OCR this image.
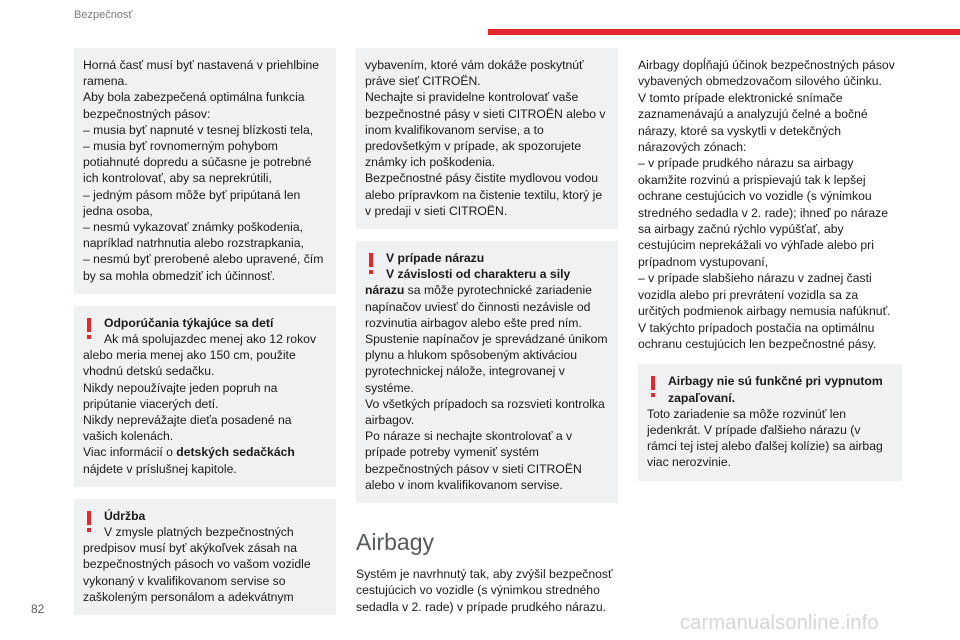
Bezpečnosť

Horná časť musí byť nastavená v priehlbine ramena.
Aby bola zabezpečená optimálna funkcia bezpečnostných pásov:
– musia byť napnuté v tesnej blízkosti tela,
– musia byť rovnomerným pohybom potiahnuté dopredu a súčasne je potrebné ich kontrolovať, aby sa neprekrútili,
– jedným pásom môže byť pripútaná len jedna osoba,
– nesmú vykazovať známky poškodenia, napríklad natrhnutia alebo rozstrapkania,
– nesmú byť prerobené alebo upravené, čím by sa mohla obmedziť ich účinnosť.

Odporúčania týkajúce sa detí
Ak má spolujazdec menej ako 12 rokov
alebo meria menej ako 150 cm, použite vhodnú detskú sedačku.
Nikdy nepoužívajte jeden popruh na pripútanie viacerých detí.
Nikdy neprevážajte dieťa posadené na vašich kolenách.
Viac informácií o detských sedačkách
nájdete v príslušnej kapitole.
Údržba
V zmysle platných bezpečnostných
predpisov musí byť akýkoľvek zásah na bezpečnostných pásoch vo vašom vozidle vykonaný v kvalifikovanom servise so zaškoleným personálom a adekvátnym

vybavením, ktoré vám dokáže poskytnúť práve sieť CITROËN.
Nechajte si pravidelne kontrolovať vaše bezpečnostné pásy v sieti CITROËN alebo v inom kvalifikovanom servise, a to predovšetkým v prípade, ak spozorujete známky ich poškodenia.
Bezpečnostné pásy čistite mydlovou vodou alebo prípravkom na čistenie textilu, ktorý je v predaji v sieti CITROËN.

V prípade nárazu
V závislosti od charakteru a sily
nárazu sa môže pyrotechnické zariadenie napínačov uviesť do činnosti nezávisle od rozvinutia airbagov alebo ešte pred ním.
Spustenie napínačov je sprevádzané únikom plynu a hlukom spôsobeným aktiváciou pyrotechnickej nálože, integrovanej v systéme.
Vo všetkých prípadoch sa rozsvieti kontrolka airbagov.
Po náraze si nechajte skontrolovať a v prípade potreby vymeniť systém bezpečnostných pásov v sieti CITROËN alebo v inom kvalifikovanom servise.
Airbagy

Systém je navrhnutý tak, aby zvýšil bezpečnosť cestujúcich vo vozidle (s výnimkou stredného sedadla v 2. rade) v prípade prudkého nárazu.

Airbagy dopĺňajú účinok bezpečnostných pásov vybavených obmedzovačom silového účinku.
V tomto prípade elektronické snímače zaznamenávajú a analyzujú čelné a bočné nárazy, ktoré sa vyskytli v detekčných nárazových zónach:
– v prípade prudkého nárazu sa airbagy okamžite rozvinú a prispievajú tak k lepšej ochrane cestujúcich vo vozidle (s výnimkou stredného sedadla v 2. rade); ihneď po náraze sa airbagy začnú rýchlo vypúšťať, aby cestujúcim neprekážali vo výhľade alebo pri prípadnom vystupovaní,
– v prípade slabšieho nárazu v zadnej časti vozidla alebo pri prevrátení vozidla sa za určitých podmienok airbagy nemusia nafúknuť.
V takýchto prípadoch postačia na optimálnu ochranu cestujúcich len bezpečnostné pásy.

Airbagy nie sú funkčné pri vypnutom
zapaľovaní.
Toto zariadenie sa môže rozvinúť len jedenkrát. V prípade ďalšieho nárazu (v rámci tej istej alebo ďalšej kolízie) sa airbag viac nerozvinie.
82
carmanualsonline.info
